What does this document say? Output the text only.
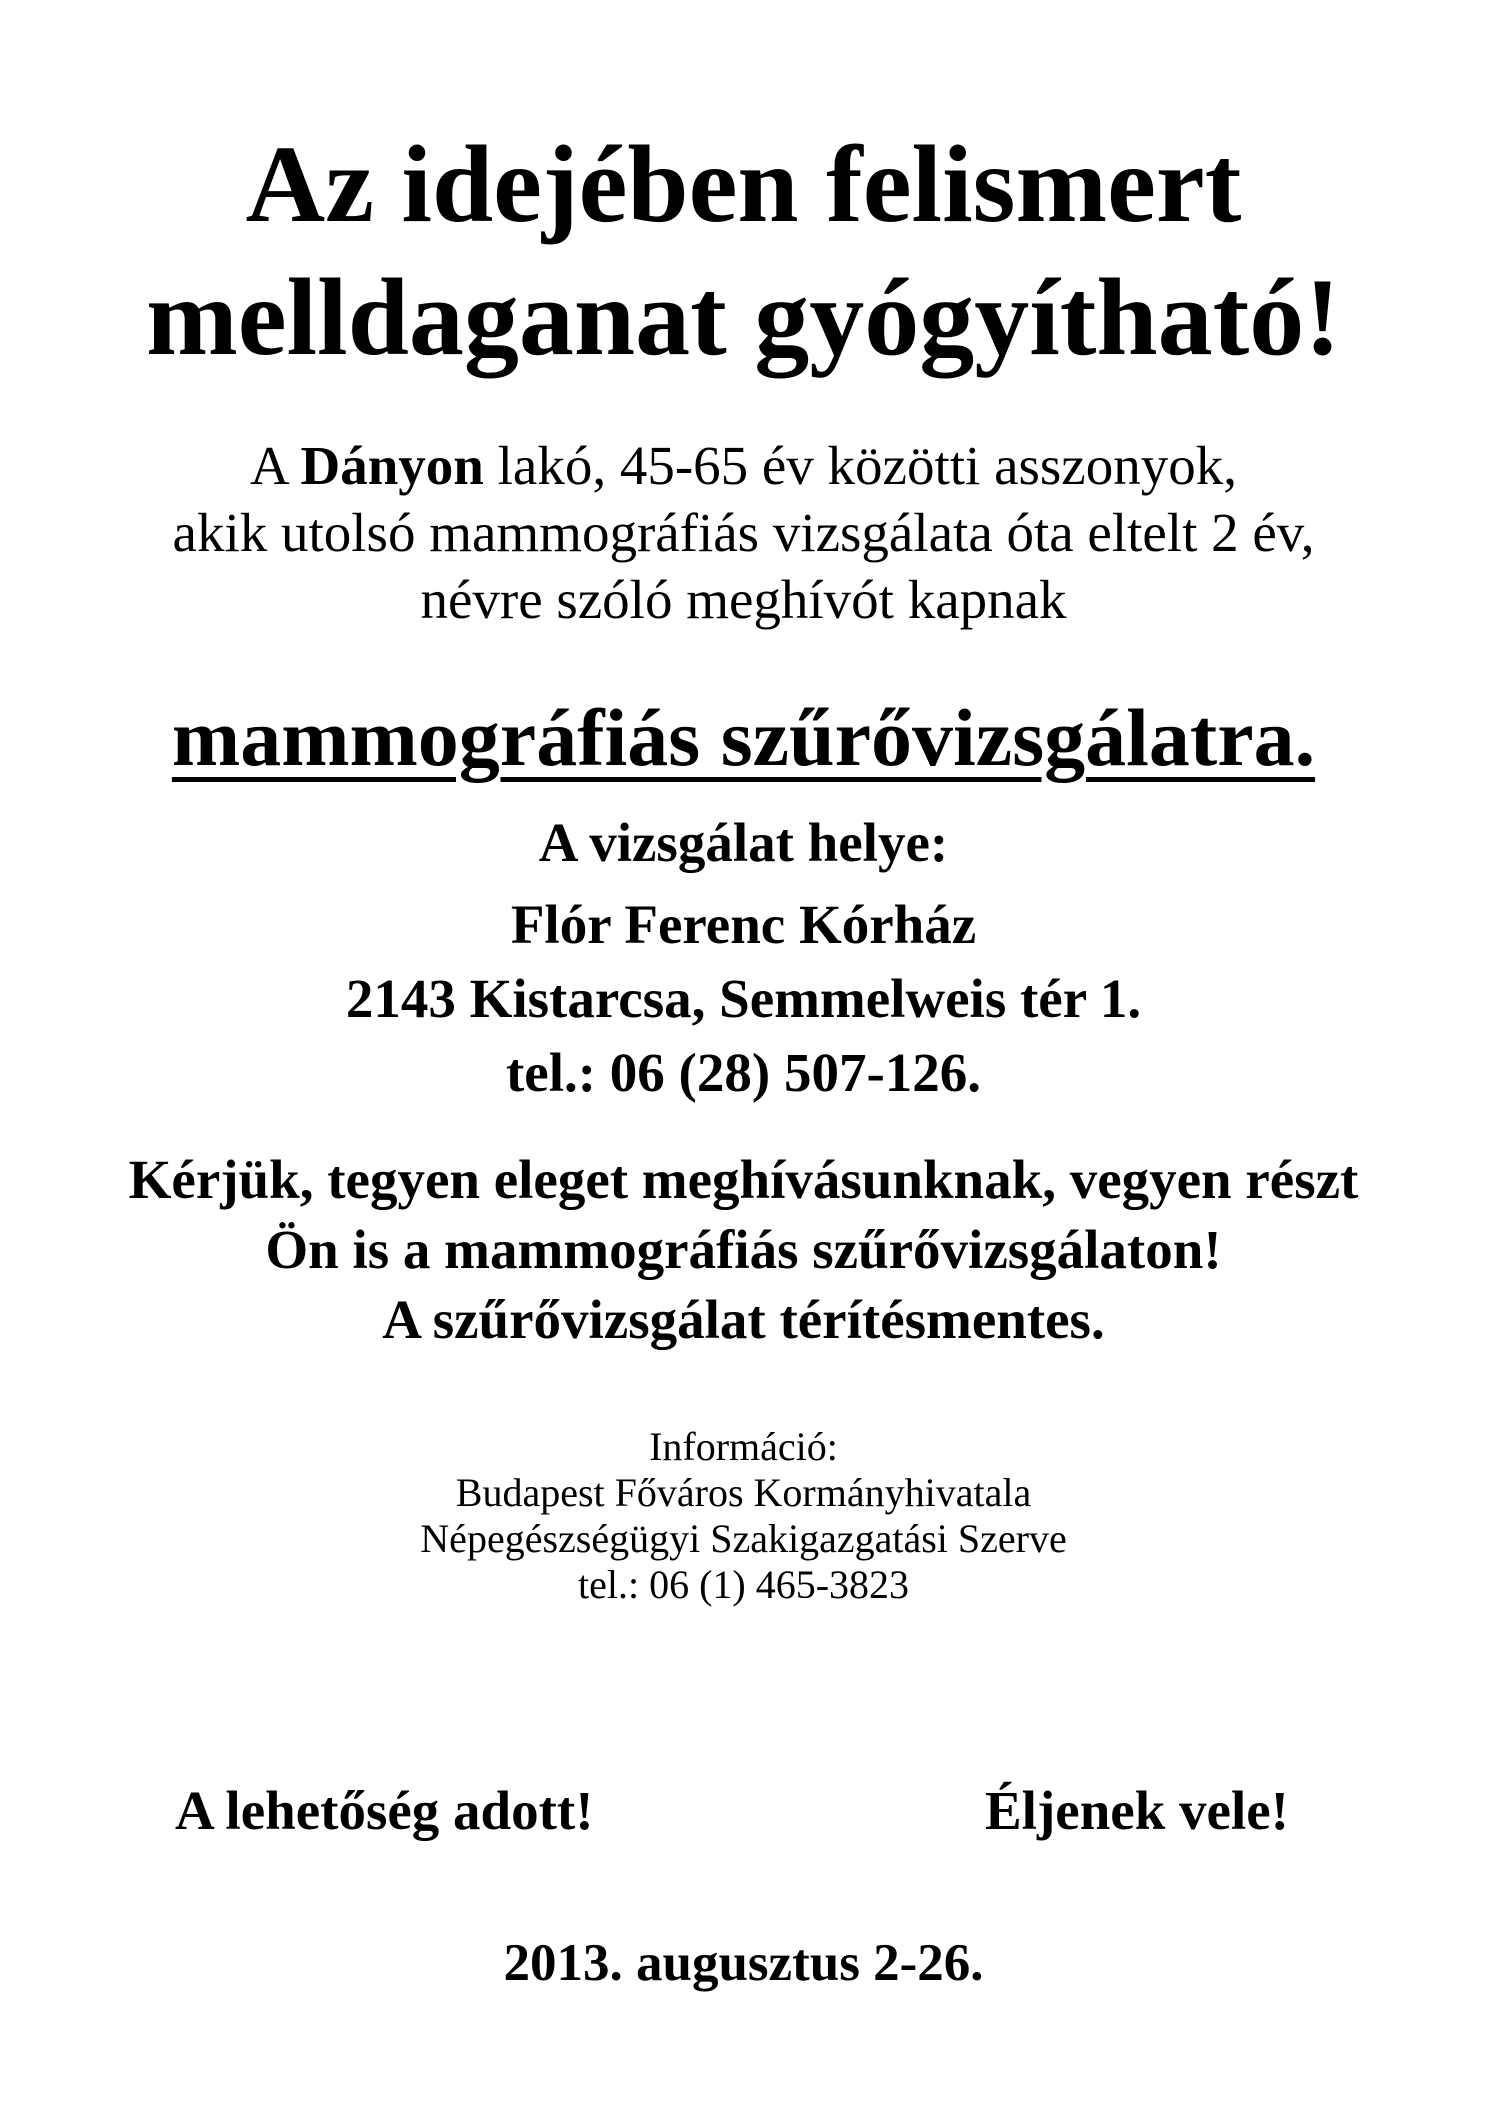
Az idejében felismert
melldaganat gyógyítható!
A Dányon lakó, 45-65 év közötti asszonyok,
akik utolsó mammográfiás vizsgálata óta eltelt 2 év,
névre szóló meghívót kapnak
mammográfiás szűrővizsgálatra.
A vizsgálat helye:
Flór Ferenc Kórház
2143 Kistarcsa, Semmelweis tér 1.
tel.: 06 (28) 507-126.
Kérjük, tegyen eleget meghívásunknak, vegyen részt
Ön is a mammográfiás szűrővizsgálaton!
A szűrővizsgálat térítésmentes.
Információ:
Budapest Főváros Kormányhivatala
Népegészségügyi Szakigazgatási Szerve
tel.: 06 (1) 465-3823
A lehetőség adott!	Éljenek vele!
2013. augusztus 2-26.
